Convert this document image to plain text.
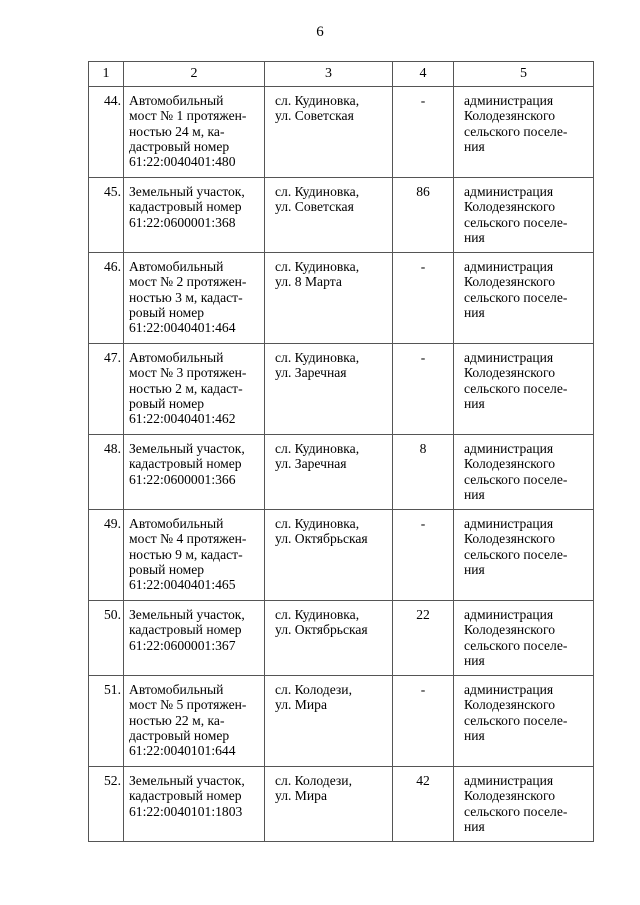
6
1	2	3	4	5
44.	Автомобильный
мост № 1 протяжен-
ностью 24 м, ка-
дастровый номер
61:22:0040401:480	сл. Кудиновка,
ул. Советская	-	администрация
Колодезянского
сельского поселе-
ния
45.	Земельный участок,
кадастровый номер
61:22:0600001:368	сл. Кудиновка,
ул. Советская	86	администрация
Колодезянского
сельского поселе-
ния
46.	Автомобильный
мост № 2 протяжен-
ностью 3 м, кадаст-
ровый номер
61:22:0040401:464	сл. Кудиновка,
ул. 8 Марта	-	администрация
Колодезянского
сельского поселе-
ния
47.	Автомобильный
мост № 3 протяжен-
ностью 2 м, кадаст-
ровый номер
61:22:0040401:462	сл. Кудиновка,
ул. Заречная	-	администрация
Колодезянского
сельского поселе-
ния
48.	Земельный участок,
кадастровый номер
61:22:0600001:366	сл. Кудиновка,
ул. Заречная	8	администрация
Колодезянского
сельского поселе-
ния
49.	Автомобильный
мост № 4 протяжен-
ностью 9 м, кадаст-
ровый номер
61:22:0040401:465	сл. Кудиновка,
ул. Октябрьская	-	администрация
Колодезянского
сельского поселе-
ния
50.	Земельный участок,
кадастровый номер
61:22:0600001:367	сл. Кудиновка,
ул. Октябрьская	22	администрация
Колодезянского
сельского поселе-
ния
51.	Автомобильный
мост № 5 протяжен-
ностью 22 м, ка-
дастровый номер
61:22:0040101:644	сл. Колодези,
ул. Мира	-	администрация
Колодезянского
сельского поселе-
ния
52.	Земельный участок,
кадастровый номер
61:22:0040101:1803	сл. Колодези,
ул. Мира	42	администрация
Колодезянского
сельского поселе-
ния
